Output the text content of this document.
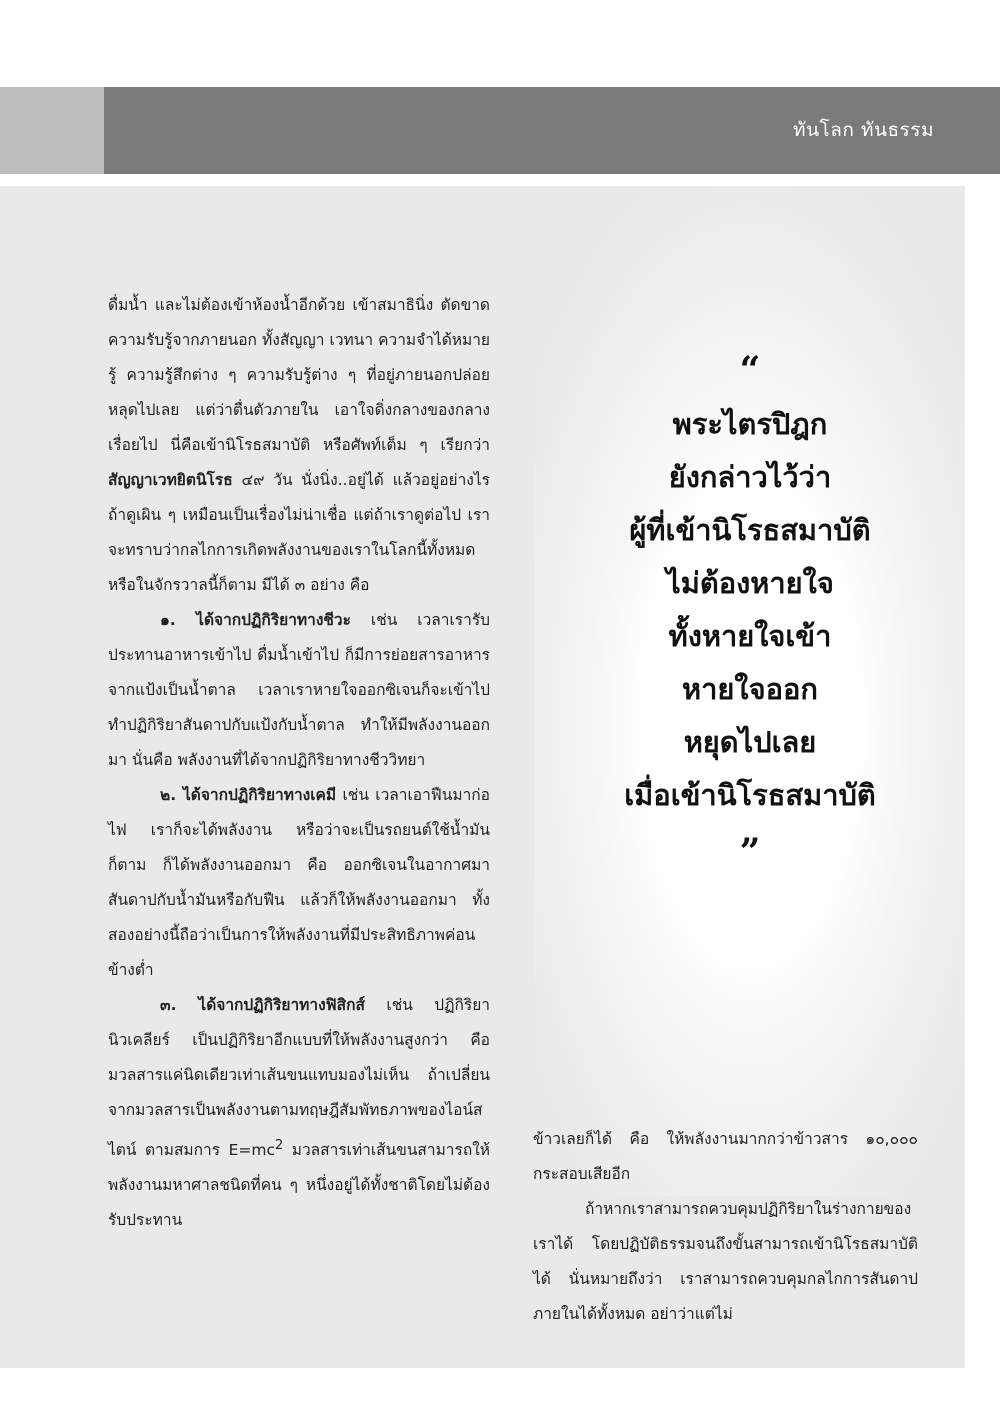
ทันโลก ทันธรรม

ดื่มน้ำ และไม่ต้องเข้าห้องน้ำอีกด้วย เข้าสมาธินิ่ง ตัดขาดความรับรู้จากภายนอก ทั้งสัญญา เวทนา ความจำได้หมายรู้ ความรู้สึกต่าง ๆ ความรับรู้ต่าง ๆ ที่อยู่ภายนอกปล่อยหลุดไปเลย แต่ว่าตื่นตัวภายใน เอาใจดิ่งกลางของกลางเรื่อยไป นี่คือเข้านิโรธสมาบัติ หรือศัพท์เต็ม ๆ เรียกว่า สัญญาเวทยิตนิโรธ ๔๙ วัน นั่งนิ่ง..อยู่ได้ แล้วอยู่อย่างไร ถ้าดูเผิน ๆ เหมือนเป็นเรื่องไม่น่าเชื่อ แต่ถ้าเราดูต่อไป เราจะทราบว่ากลไกการเกิดพลังงานของเราในโลกนี้ทั้งหมด หรือในจักรวาลนี้ก็ตาม มีได้ ๓ อย่าง คือ

๑. ได้จากปฏิกิริยาทางชีวะ เช่น เวลาเรารับประทานอาหารเข้าไป ดื่มน้ำเข้าไป ก็มีการย่อยสารอาหารจากแป้งเป็นน้ำตาล เวลาเราหายใจออกซิเจนก็จะเข้าไปทำปฏิกิริยาสันดาปกับแป้งกับน้ำตาล ทำให้มีพลังงานออกมา นั่นคือ พลังงานที่ได้จากปฏิกิริยาทางชีววิทยา

๒. ได้จากปฏิกิริยาทางเคมี เช่น เวลาเอาฟืนมาก่อไฟ เราก็จะได้พลังงาน หรือว่าจะเป็นรถยนต์ใช้น้ำมันก็ตาม ก็ได้พลังงานออกมา คือ ออกซิเจนในอากาศมาสันดาปกับน้ำมันหรือกับฟืน แล้วก็ให้พลังงานออกมา ทั้งสองอย่างนี้ถือว่าเป็นการให้พลังงานที่มีประสิทธิภาพค่อนข้างต่ำ

๓. ได้จากปฏิกิริยาทางฟิสิกส์ เช่น ปฏิกิริยานิวเคลียร์ เป็นปฏิกิริยาอีกแบบที่ให้พลังงานสูงกว่า คือ มวลสารแค่นิดเดียวเท่าเส้นขนแทบมองไม่เห็น ถ้าเปลี่ยนจากมวลสารเป็นพลังงานตามทฤษฎีสัมพัทธภาพของไอน์สไตน์ ตามสมการ $E=mc^2$ มวลสารเท่าเส้นขนสามารถให้พลังงานมหาศาลชนิดที่คน ๆ หนึ่งอยู่ได้ทั้งชาติโดยไม่ต้องรับประทาน

“
พระไตรปิฎก
ยังกล่าวไว้ว่า
ผู้ที่เข้านิโรธสมาบัติ
ไม่ต้องหายใจ
ทั้งหายใจเข้า
หายใจออก
หยุดไปเลย
เมื่อเข้านิโรธสมาบัติ
”

ข้าวเลยก็ได้ คือ ให้พลังงานมากกว่าข้าวสาร ๑๐,๐๐๐ กระสอบเสียอีก

ถ้าหากเราสามารถควบคุมปฏิกิริยาในร่างกายของเราได้ โดยปฏิบัติธรรมจนถึงขั้นสามารถเข้านิโรธสมาบัติได้ นั่นหมายถึงว่า เราสามารถควบคุมกลไกการสันดาปภายในได้ทั้งหมด อย่าว่าแต่ไม่
